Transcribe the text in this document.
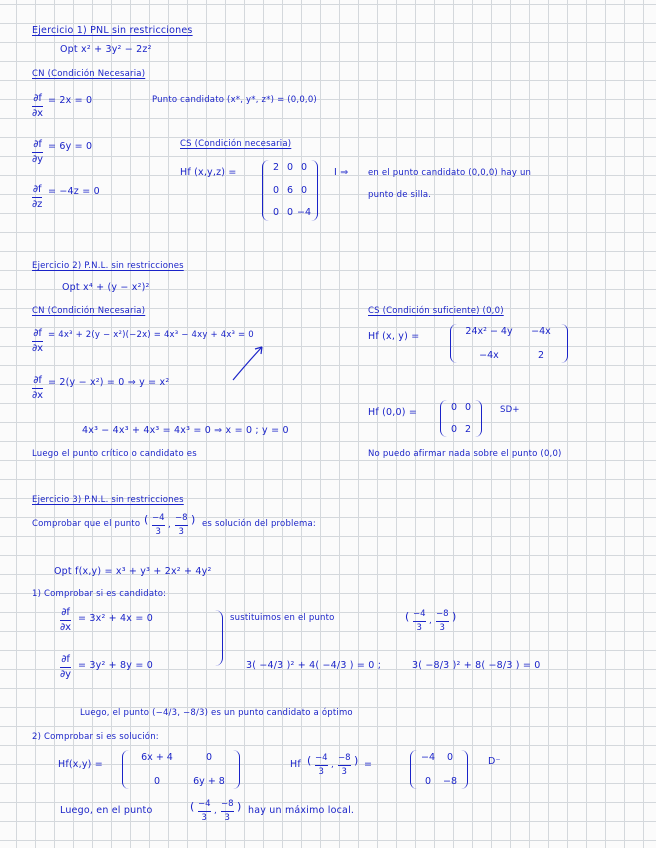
Ejercicio 1) PNL sin restricciones
Opt x² + 3y² − 2z²
CN (Condición Necesaria)
∂f
∂x
= 2x = 0	Punto candidato (x*, y*, z*) = (0,0,0)
∂f
∂y
= 6y = 0	CS (Condición necesaria)
Hf (x,y,z) =	2 0 0
0 6 0
0 0 −4
I ⇒ en el punto candidato (0,0,0) hay un
punto de silla.
∂f
∂z
= −4z = 0
Ejercicio 2) P.N.L. sin restricciones
Opt x⁴ + (y − x²)²
CN (Condición Necesaria)	CS (Condición suficiente) (0,0)
∂f
∂x
= 4x³ + 2(y − x²)(−2x) = 4x³ − 4xy + 4x³ = 0	Hf (x, y) =	24x² − 4y	−4x
−4x	2
∂f
∂x
= 2(y − x²) = 0 ⇒ y = x²
Hf (0,0) =	0 0
0 2
SD+
4x³ − 4x³ + 4x³ = 4x³ = 0 ⇒ x = 0 ; y = 0
Luego el punto crítico o candidato es	No puedo afirmar nada sobre el punto (0,0)
Ejercicio 3) P.N.L. sin restricciones
Comprobar que el punto ( −4
3
,
−8
3
) es solución del problema:
Opt f(x,y) = x³ + y³ + 2x² + 4y²
1) Comprobar si es candidato:
∂f
∂x
= 3x² + 4x = 0	sustituimos en el punto	( −4
3
,
−8
3
)
∂f
∂y
= 3y² + 8y = 0	3( −4/3 )² + 4( −4/3 ) = 0 ;	3( −8/3 )² + 8( −8/3 ) = 0
Luego, el punto (−4/3, −8/3) es un punto candidato a óptimo
2) Comprobar si es solución:
Hf(x,y) =
6x + 4	0
0	6y + 8
Hf ( −4
3
,
−8
3
) =
−4	0
0	−8
D⁻
Luego, en el punto	( −4
3
,
−8
3
) hay un máximo local.
